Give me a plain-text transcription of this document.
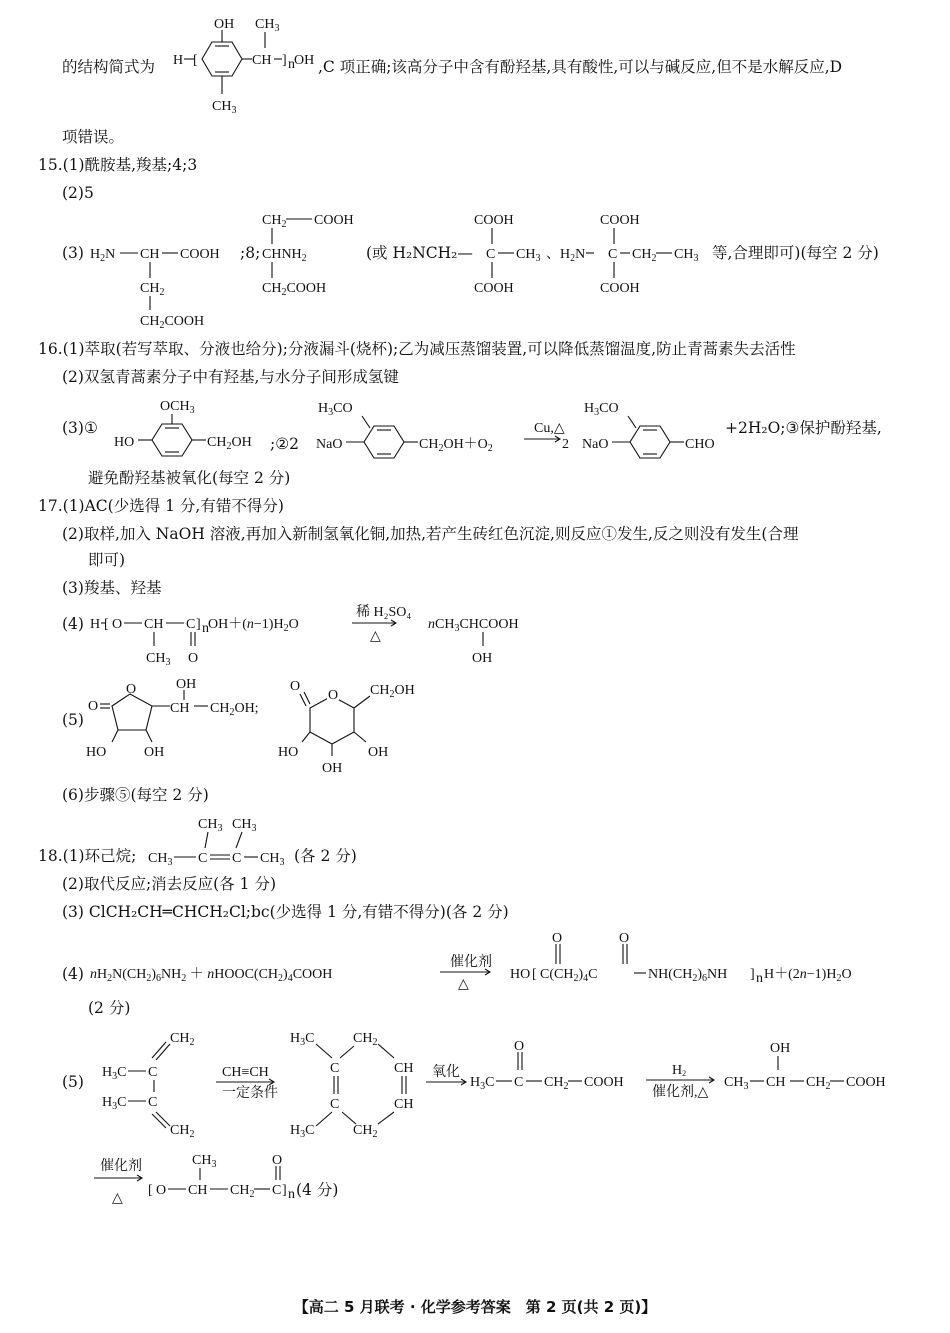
的结构简式为 H [
OH
$CH_3$
CH
$CH_3$
] n OH ,C 项正确;该高分子中含有酚羟基,具有酸性,可以与碱反应,但不是水解反应,D
项错误。
15.(1)酰胺基,羧基;4;3
(2)5
(3) $H_2N$ CH COOH
$CH_2$
$CH_2COOH$
;8;
$CH_2$ COOH
$CHNH_2$
$CH_2COOH$
(或 H₂NCH₂—
COOH
C $CH_3$
COOH
、$H_2N$
COOH
C $CH_2$ $CH_3$
COOH
等,合理即可)(每空 2 分)
16.(1)萃取(若写萃取、分液也给分);分液漏斗(烧杯);乙为减压蒸馏装置,可以降低蒸馏温度,防止青蒿素失去活性
(2)双氢青蒿素分子中有羟基,与水分子间形成氢键
(3)①
$OCH_3$
HO	$CH_2OH$ ;②2
$H_3CO$
NaO	$CH_2OH+O_2$
Cu,△
2
$H_3CO$
NaO	CHO
+2H₂O;③保护酚羟基,
避免酚羟基被氧化(每空 2 分)
17.(1)AC(少选得 1 分,有错不得分)
(2)取样,加入 NaOH 溶液,再加入新制氢氧化铜,加热,若产生砖红色沉淀,则反应①发生,反之则没有发生(合理
即可)
(3)羧基、羟基
(4) H [ O CH C ] n $OH+(n-1)H_2O$
$CH_3$ O
稀 H₂SO₄
△
nCH$_3$CHCOOH
OH
(5)
O
O
CH
OH
$CH_2OH$;
HO	OH
O
O $CH_2OH$
HO	OH
OH
(6)步骤⑤(每空 2 分)
18.(1)环己烷;
$CH_3$ $CH_3$
$CH_3$ C C $CH_3$ (各 2 分)
(2)取代反应;消去反应(各 1 分)
(3) ClCH₂CH═CHCH₂Cl;bc(少选得 1 分,有错不得分)(各 2 分)
(4) $nH_2N(CH_2)_6NH_2$ ＋ $nHOOC(CH_2)_4COOH$
催化剂
△
HO [ $C(CH_2)_4C$
O	O
$NH(CH_2)_6NH$ ] n $H+(2n-1)H_2O$
(2 分)
(5)
$CH_2$
$H_3C$ C
$H_3C$ C
$CH_2$
CH≡CH
一定条件
$H_3C$	$CH_2$
C
C
$H_3C$	$CH_2$
CH
CH
氧化
$H_3C$ C
O
$CH_2$ COOH
H2
催化剂,△
$CH_3$ CH
OH
$CH_2$ COOH
催化剂
△
[ O CH
$CH_3$
$CH_2$ C
O
] n (4 分)
【高二 5 月联考 · 化学参考答案　第 2 页(共 2 页)】
